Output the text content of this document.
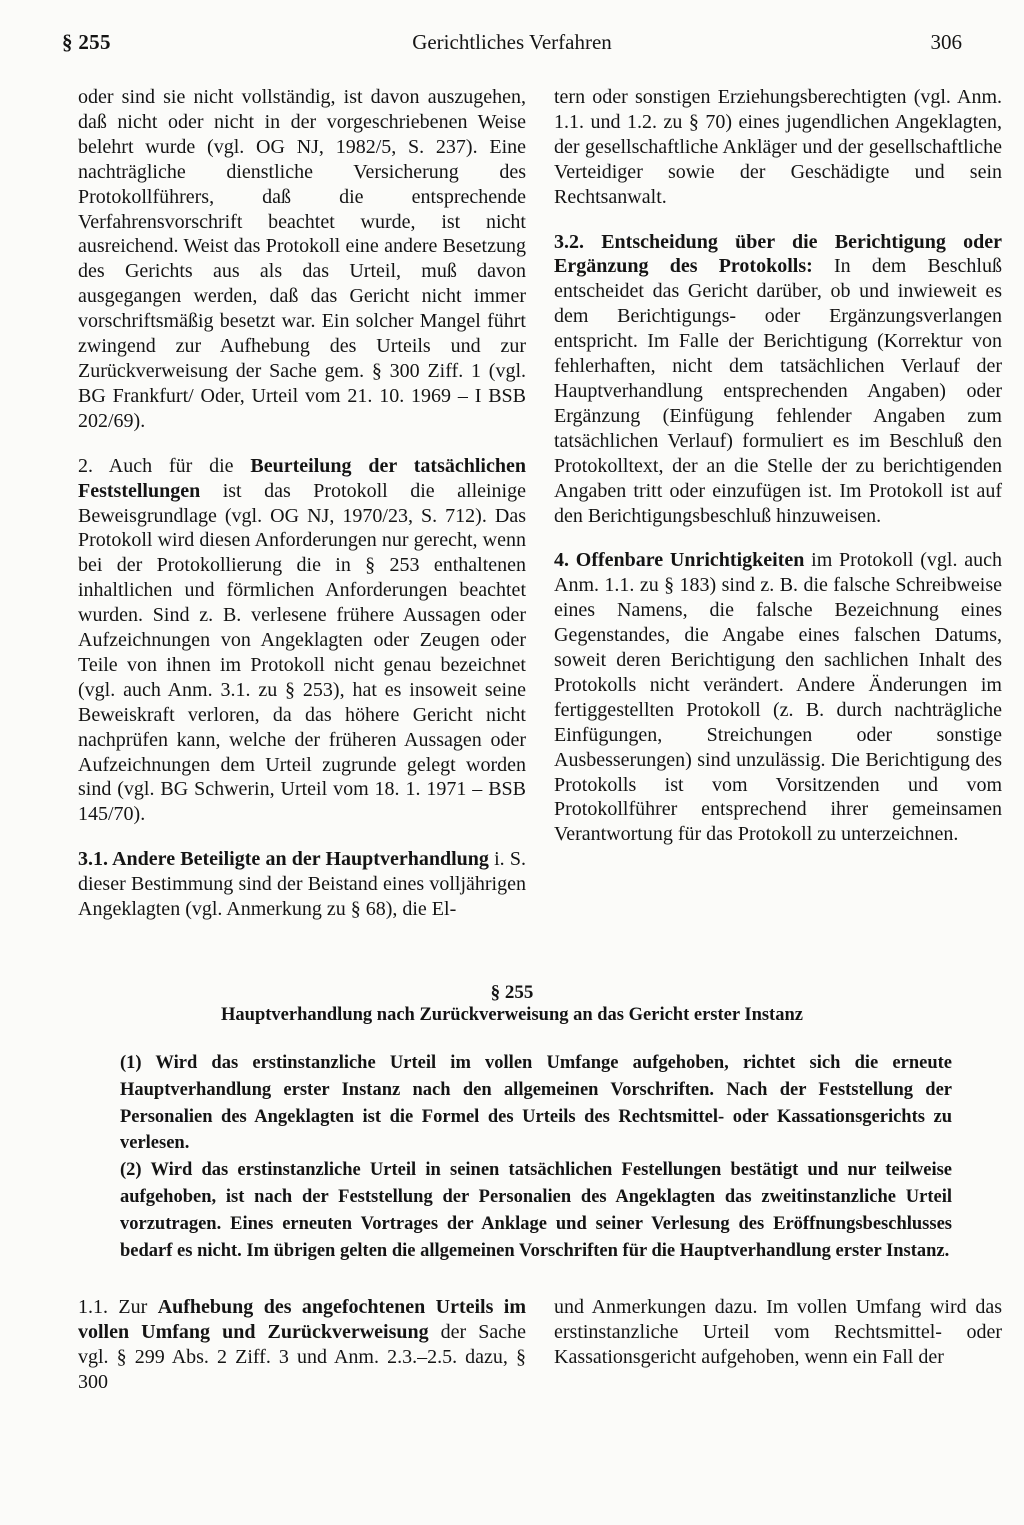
§ 255	Gerichtliches Verfahren	306

oder sind sie nicht vollständig, ist davon auszugehen, daß nicht oder nicht in der vorgeschriebenen Weise belehrt wurde (vgl. OG NJ, 1982/5, S. 237). Eine nachträgliche dienstliche Versicherung des Protokollführers, daß die entsprechende Verfahrensvorschrift beachtet wurde, ist nicht ausreichend. Weist das Protokoll eine andere Besetzung des Gerichts aus als das Urteil, muß davon ausgegangen werden, daß das Gericht nicht immer vorschriftsmäßig besetzt war. Ein solcher Mangel führt zwingend zur Aufhebung des Urteils und zur Zurückverweisung der Sache gem. § 300 Ziff. 1 (vgl. BG Frankfurt/ Oder, Urteil vom 21. 10. 1969 – I BSB 202/69).

2. Auch für die Beurteilung der tatsächlichen Feststellungen ist das Protokoll die alleinige Beweisgrundlage (vgl. OG NJ, 1970/23, S. 712). Das Protokoll wird diesen Anforderungen nur gerecht, wenn bei der Protokollierung die in § 253 enthaltenen inhaltlichen und förmlichen Anforderungen beachtet wurden. Sind z. B. verlesene frühere Aussagen oder Aufzeichnungen von Angeklagten oder Zeugen oder Teile von ihnen im Protokoll nicht genau bezeichnet (vgl. auch Anm. 3.1. zu § 253), hat es insoweit seine Beweiskraft verloren, da das höhere Gericht nicht nachprüfen kann, welche der früheren Aussagen oder Aufzeichnungen dem Urteil zugrunde gelegt worden sind (vgl. BG Schwerin, Urteil vom 18. 1. 1971 – BSB 145/70).

3.1. Andere Beteiligte an der Hauptverhandlung i. S. dieser Bestimmung sind der Beistand eines volljährigen Angeklagten (vgl. Anmerkung zu § 68), die El-

tern oder sonstigen Erziehungsberechtigten (vgl. Anm. 1.1. und 1.2. zu § 70) eines jugendlichen Angeklagten, der gesellschaftliche Ankläger und der gesellschaftliche Verteidiger sowie der Geschädigte und sein Rechtsanwalt.

3.2. Entscheidung über die Berichtigung oder Ergänzung des Protokolls: In dem Beschluß entscheidet das Gericht darüber, ob und inwieweit es dem Berichtigungs- oder Ergänzungsverlangen entspricht. Im Falle der Berichtigung (Korrektur von fehlerhaften, nicht dem tatsächlichen Verlauf der Hauptverhandlung entsprechenden Angaben) oder Ergänzung (Einfügung fehlender Angaben zum tatsächlichen Verlauf) formuliert es im Beschluß den Protokolltext, der an die Stelle der zu berichtigenden Angaben tritt oder einzufügen ist. Im Protokoll ist auf den Berichtigungsbeschluß hinzuweisen.

4. Offenbare Unrichtigkeiten im Protokoll (vgl. auch Anm. 1.1. zu § 183) sind z. B. die falsche Schreibweise eines Namens, die falsche Bezeichnung eines Gegenstandes, die Angabe eines falschen Datums, soweit deren Berichtigung den sachlichen Inhalt des Protokolls nicht verändert. Andere Änderungen im fertiggestellten Protokoll (z. B. durch nachträgliche Einfügungen, Streichungen oder sonstige Ausbesserungen) sind unzulässig. Die Berichtigung des Protokolls ist vom Vorsitzenden und vom Protokollführer entsprechend ihrer gemeinsamen Verantwortung für das Protokoll zu unterzeichnen.

§ 255
Hauptverhandlung nach Zurückverweisung an das Gericht erster Instanz

(1) Wird das erstinstanzliche Urteil im vollen Umfange aufgehoben, richtet sich die erneute Hauptverhandlung erster Instanz nach den allgemeinen Vorschriften. Nach der Feststellung der Personalien des Angeklagten ist die Formel des Urteils des Rechtsmittel- oder Kassationsgerichts zu verlesen.

(2) Wird das erstinstanzliche Urteil in seinen tatsächlichen Festellungen bestätigt und nur teilweise aufgehoben, ist nach der Feststellung der Personalien des Angeklagten das zweitinstanzliche Urteil vorzutragen. Eines erneuten Vortrages der Anklage und seiner Verlesung des Eröffnungsbeschlusses bedarf es nicht. Im übrigen gelten die allgemeinen Vorschriften für die Hauptverhandlung erster Instanz.

1.1. Zur Aufhebung des angefochtenen Urteils im vollen Umfang und Zurückverweisung der Sache vgl. § 299 Abs. 2 Ziff. 3 und Anm. 2.3.–2.5. dazu, § 300

und Anmerkungen dazu. Im vollen Umfang wird das erstinstanzliche Urteil vom Rechtsmittel- oder Kassationsgericht aufgehoben, wenn ein Fall der
